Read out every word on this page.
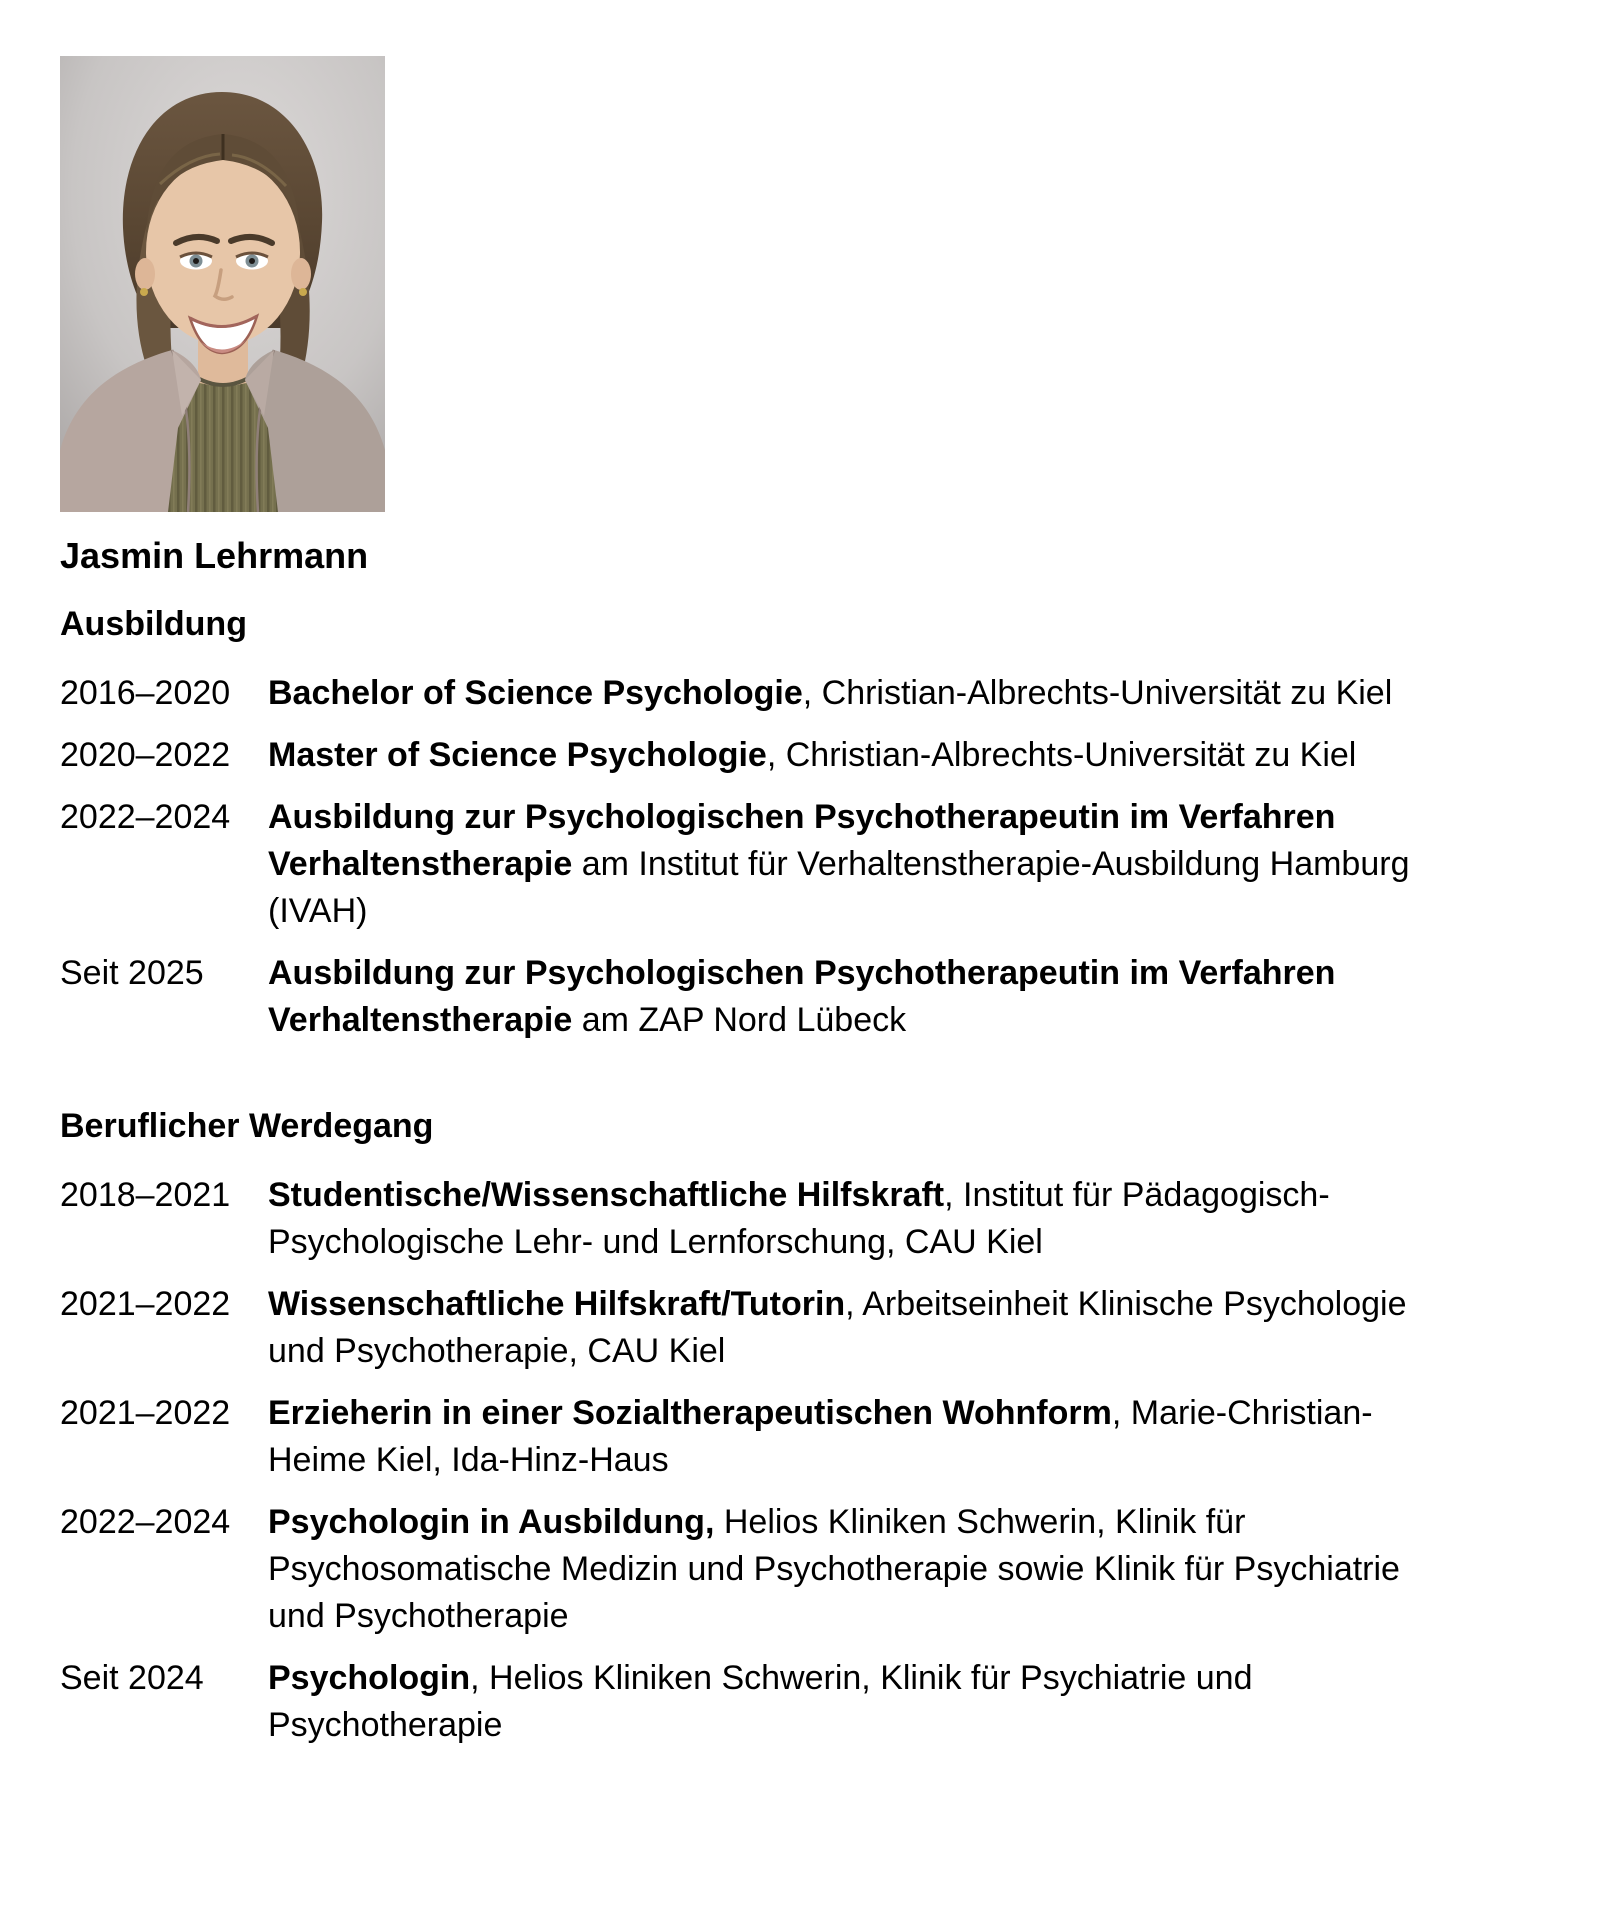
Jasmin Lehrmann
Ausbildung
2016–2020	Bachelor of Science Psychologie, Christian-Albrechts-Universität zu Kiel
2020–2022	Master of Science Psychologie, Christian-Albrechts-Universität zu Kiel
2022–2024	Ausbildung zur Psychologischen Psychotherapeutin im Verfahren Verhaltenstherapie am Institut für Verhaltenstherapie-Ausbildung Hamburg (IVAH)
Seit 2025	Ausbildung zur Psychologischen Psychotherapeutin im Verfahren Verhaltenstherapie am ZAP Nord Lübeck
Beruflicher Werdegang
2018–2021	Studentische/Wissenschaftliche Hilfskraft, Institut für Pädagogisch-Psychologische Lehr- und Lernforschung, CAU Kiel
2021–2022	Wissenschaftliche Hilfskraft/Tutorin, Arbeitseinheit Klinische Psychologie und Psychotherapie, CAU Kiel
2021–2022	Erzieherin in einer Sozialtherapeutischen Wohnform, Marie-Christian-Heime Kiel, Ida-Hinz-Haus
2022–2024	Psychologin in Ausbildung, Helios Kliniken Schwerin, Klinik für Psychosomatische Medizin und Psychotherapie sowie Klinik für Psychiatrie und Psychotherapie
Seit 2024	Psychologin, Helios Kliniken Schwerin, Klinik für Psychiatrie und Psychotherapie
